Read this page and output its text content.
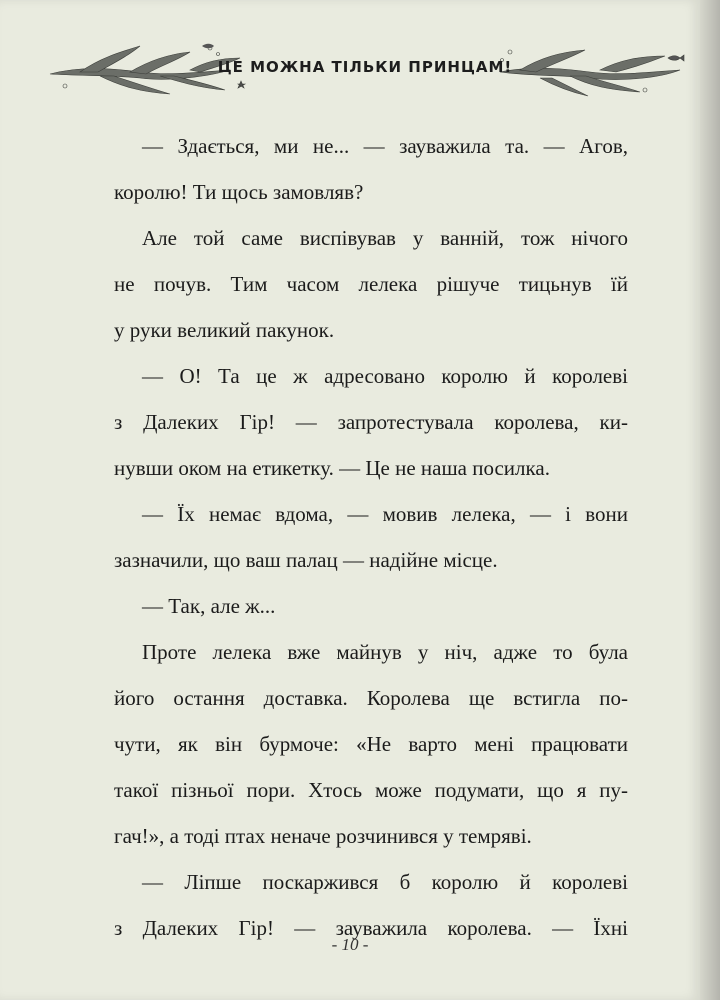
ЦЕ МОЖНА ТІЛЬКИ ПРИНЦАМ!

— Здається, ми не... — зауважила та. — Агов,
королю! Ти щось замовляв?

Але той саме виспівував у ванній, тож нічого
не почув. Тим часом лелека рішуче тицьнув їй
у руки великий пакунок.

— О! Та це ж адресовано королю й королеві
з Далеких Гір! — запротестувала королева, ки-
нувши оком на етикетку. — Це не наша посилка.

— Їх немає вдома, — мовив лелека, — і вони
зазначили, що ваш палац — надійне місце.

— Так, але ж...

Проте лелека вже майнув у ніч, адже то була
його остання доставка. Королева ще встигла по-
чути, як він бурмоче: «Не варто мені працювати
такої пізньої пори. Хтось може подумати, що я пу-
гач!», а тоді птах неначе розчинився у темряві.

— Ліпше поскаржився б королю й королеві
з Далеких Гір! — зауважила королева. — Їхні

- 10 -
